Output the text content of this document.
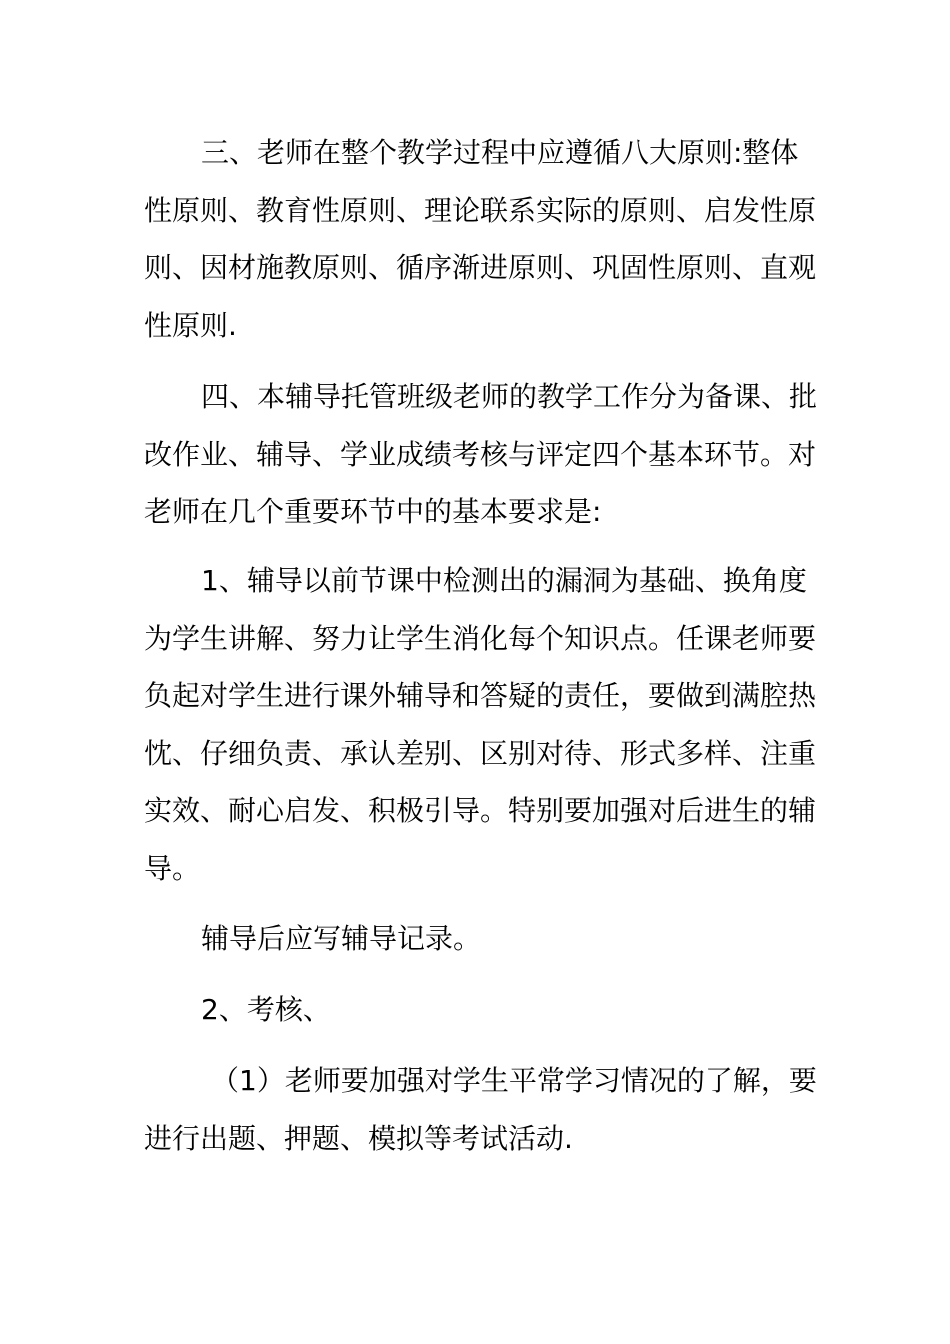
三、老师在整个教学过程中应遵循八大原则:整体性原则、教育性原则、理论联系实际的原则、启发性原则、因材施教原则、循序渐进原则、巩固性原则、直观性原则.

四、本辅导托管班级老师的教学工作分为备课、批改作业、辅导、学业成绩考核与评定四个基本环节。对老师在几个重要环节中的基本要求是:

1、辅导以前节课中检测出的漏洞为基础、换角度为学生讲解、努力让学生消化每个知识点。任课老师要负起对学生进行课外辅导和答疑的责任，要做到满腔热忱、仔细负责、承认差别、区别对待、形式多样、注重实效、耐心启发、积极引导。特别要加强对后进生的辅导。

辅导后应写辅导记录。

2、考核、

（1）老师要加强对学生平常学习情况的了解，要进行出题、押题、模拟等考试活动.
